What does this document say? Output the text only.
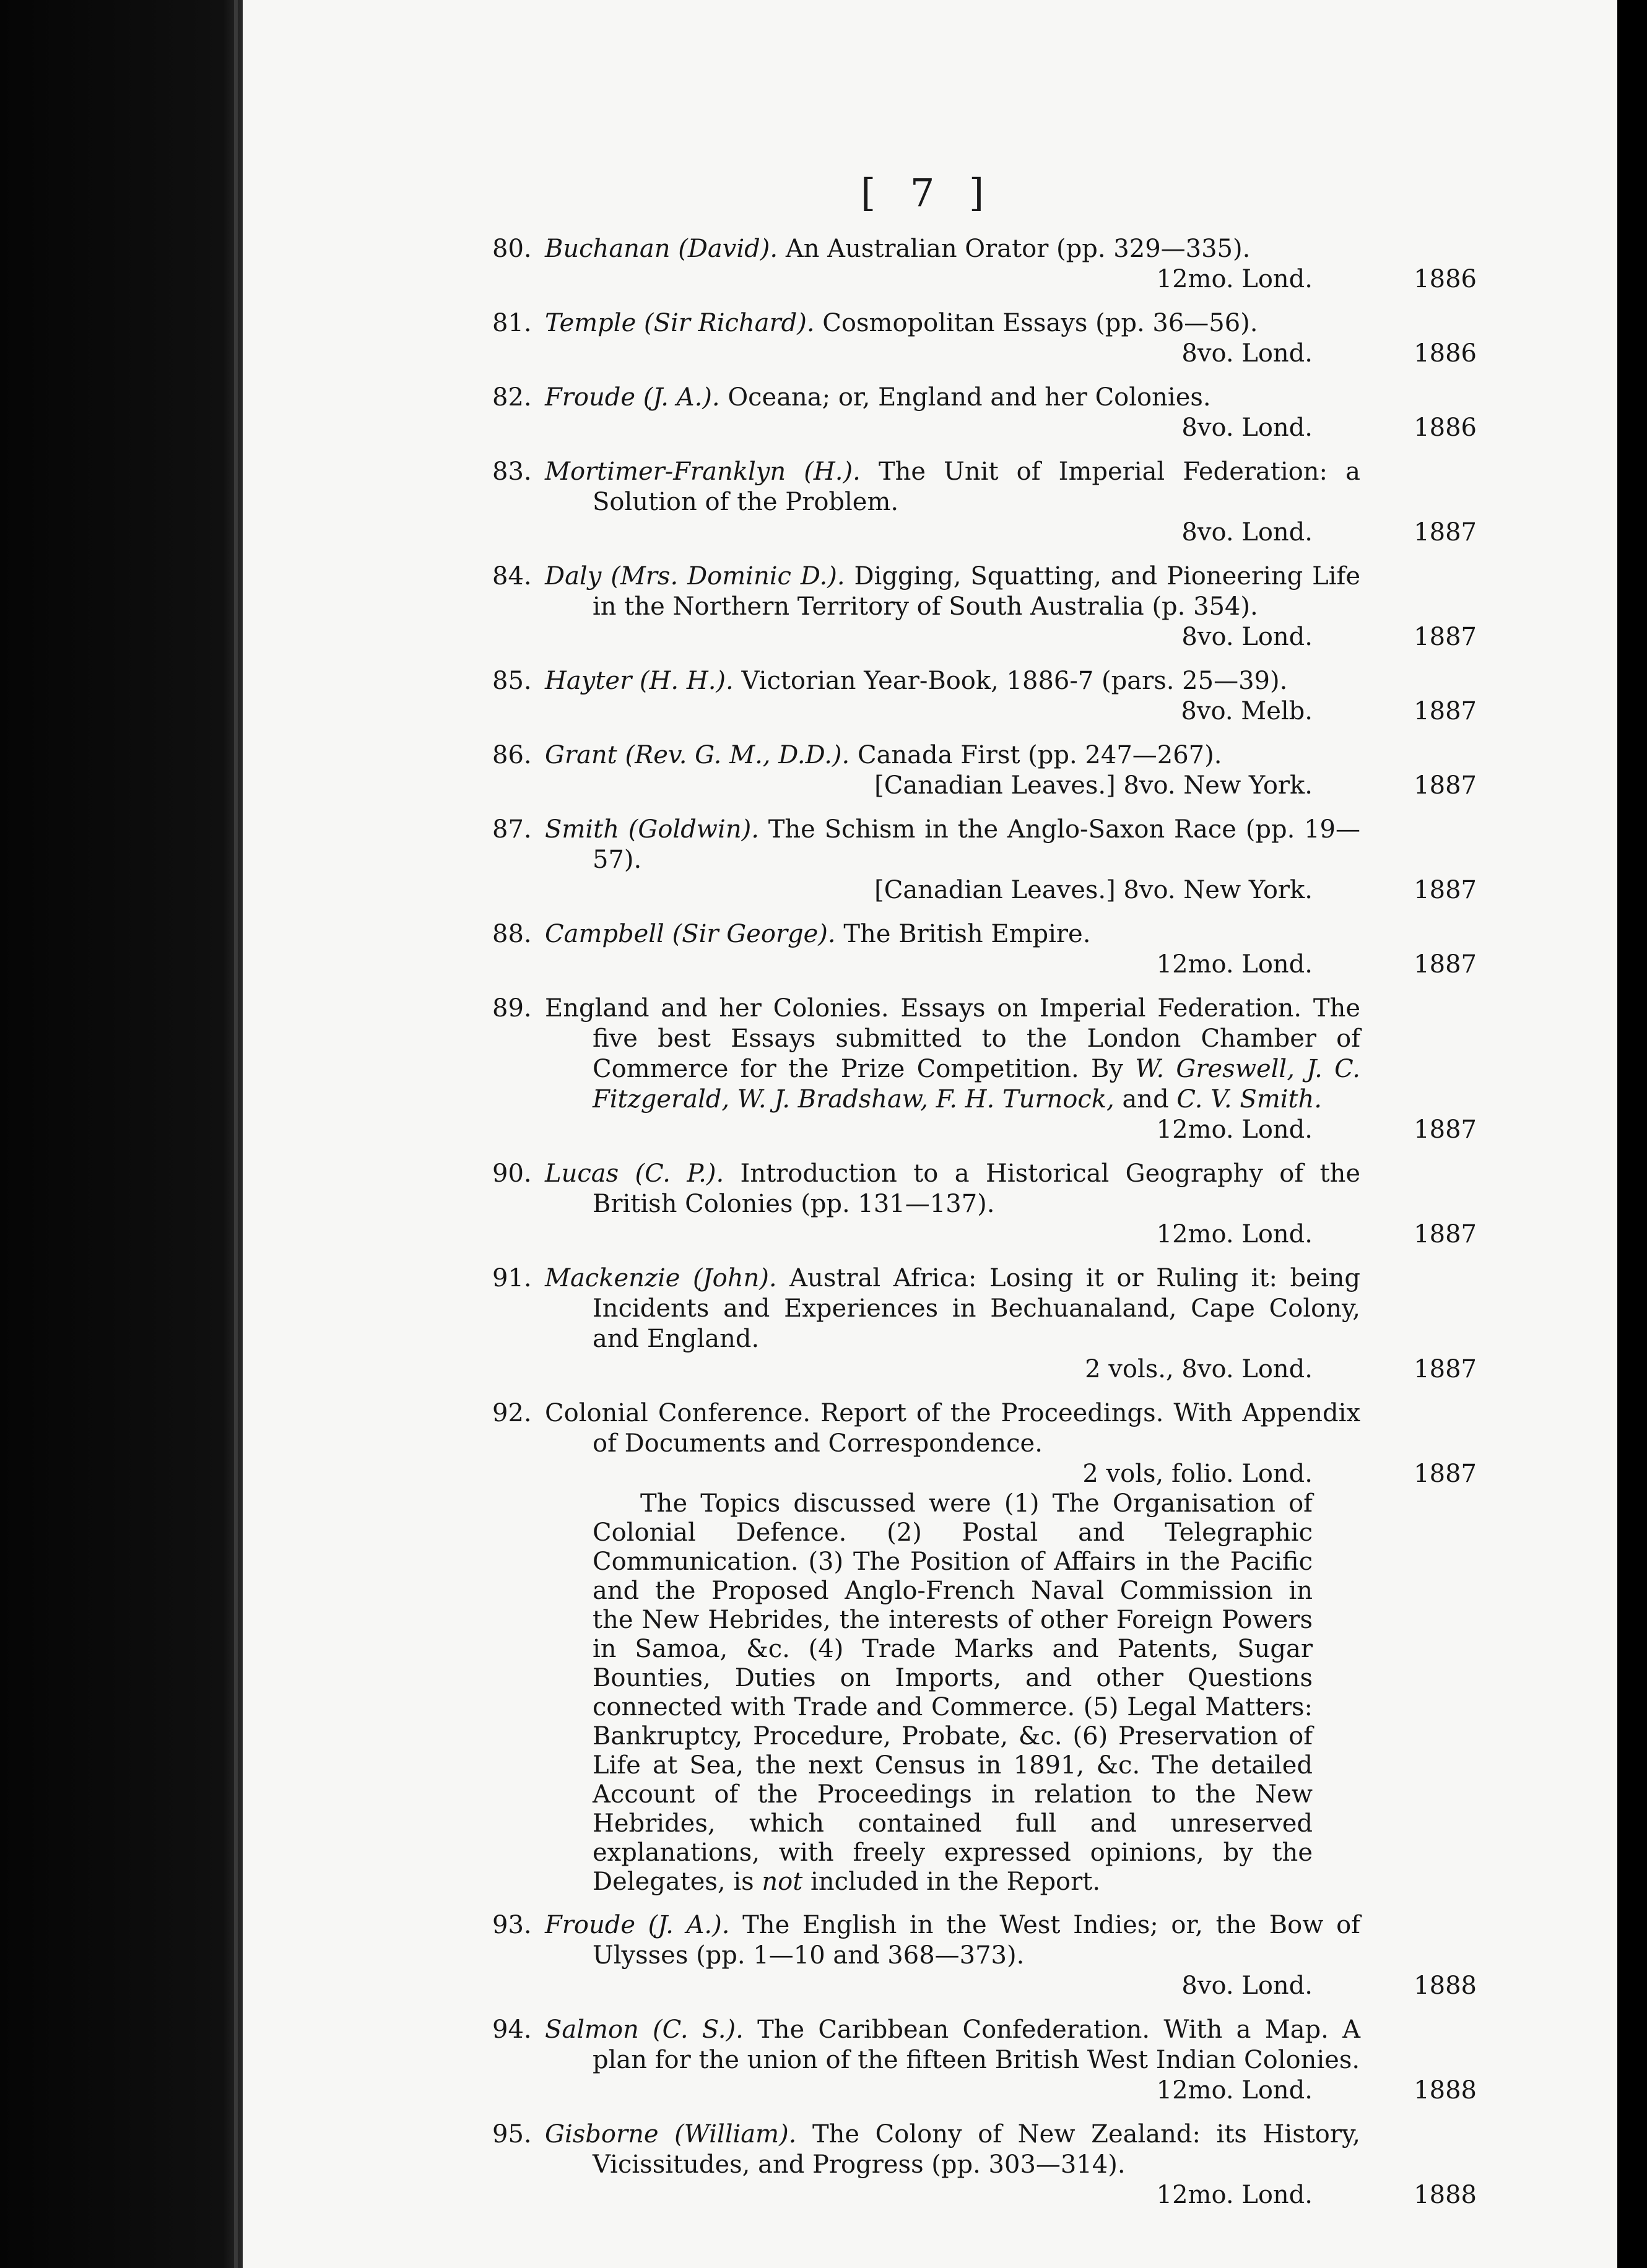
[ 7 ]
80. Buchanan (David). An Australian Orator (pp. 329—335).
12mo. Lond.	1886
81. Temple (Sir Richard). Cosmopolitan Essays (pp. 36—56).
8vo. Lond.	1886
82. Froude (J. A.). Oceana; or, England and her Colonies.
8vo. Lond.	1886
83. Mortimer-Franklyn (H.). The Unit of Imperial Federation: a Solution of the Problem.
8vo. Lond.	1887
84. Daly (Mrs. Dominic D.). Digging, Squatting, and Pioneering Life in the Northern Territory of South Australia (p. 354).
8vo. Lond.	1887
85. Hayter (H. H.). Victorian Year-Book, 1886-7 (pars. 25—39).
8vo. Melb.	1887
86. Grant (Rev. G. M., D.D.). Canada First (pp. 247—267).
[Canadian Leaves.] 8vo. New York.	1887
87. Smith (Goldwin). The Schism in the Anglo-Saxon Race (pp. 19—57).
[Canadian Leaves.] 8vo. New York.	1887
88. Campbell (Sir George). The British Empire.
12mo. Lond.	1887
89. England and her Colonies. Essays on Imperial Federation. The five best Essays submitted to the London Chamber of Commerce for the Prize Competition. By W. Greswell, J. C. Fitzgerald, W. J. Bradshaw, F. H. Turnock, and C. V. Smith.
12mo. Lond.	1887
90. Lucas (C. P.). Introduction to a Historical Geography of the British Colonies (pp. 131—137).
12mo. Lond.	1887
91. Mackenzie (John). Austral Africa: Losing it or Ruling it: being Incidents and Experiences in Bechuanaland, Cape Colony, and England.
2 vols., 8vo. Lond.	1887
92. Colonial Conference. Report of the Proceedings. With Appendix of Documents and Correspondence.
2 vols, folio. Lond.	1887
The Topics discussed were (1) The Organisation of Colonial Defence. (2) Postal and Telegraphic Communication. (3) The Position of Affairs in the Pacific and the Proposed Anglo-French Naval Commission in the New Hebrides, the interests of other Foreign Powers in Samoa, &c. (4) Trade Marks and Patents, Sugar Bounties, Duties on Imports, and other Questions connected with Trade and Commerce. (5) Legal Matters: Bankruptcy, Procedure, Probate, &c. (6) Preservation of Life at Sea, the next Census in 1891, &c. The detailed Account of the Proceedings in relation to the New Hebrides, which contained full and unreserved explanations, with freely expressed opinions, by the Delegates, is not included in the Report.
93. Froude (J. A.). The English in the West Indies; or, the Bow of Ulysses (pp. 1—10 and 368—373).
8vo. Lond.	1888
94. Salmon (C. S.). The Caribbean Confederation. With a Map. A plan for the union of the fifteen British West Indian Colonies.
12mo. Lond.	1888
95. Gisborne (William). The Colony of New Zealand: its History, Vicissitudes, and Progress (pp. 303—314).
12mo. Lond.	1888
